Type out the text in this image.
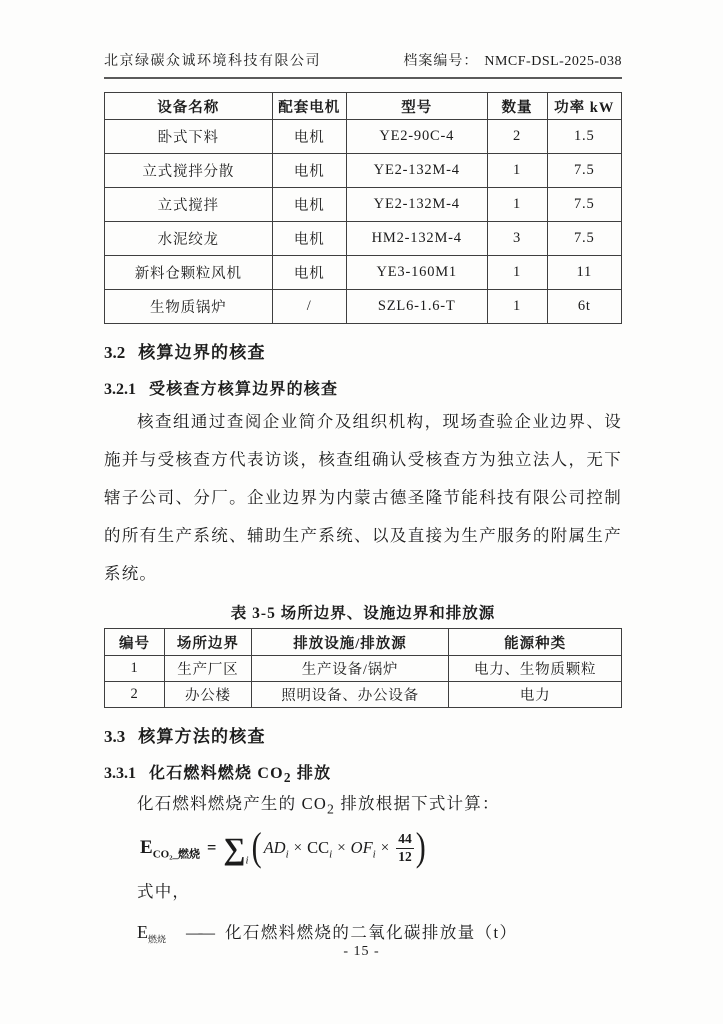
北京绿碳众诚环境科技有限公司	档案编号： NMCF-DSL-2025-038
设备名称	配套电机	型号	数量	功率 kW
卧式下料	电机	YE2-90C-4	2	1.5
立式搅拌分散	电机	YE2-132M-4	1	7.5
立式搅拌	电机	YE2-132M-4	1	7.5
水泥绞龙	电机	HM2-132M-4	3	7.5
新料仓颗粒风机	电机	YE3-160M1	1	11
生物质锅炉	/	SZL6-1.6-T	1	6t
3.2 核算边界的核查
3.2.1 受核查方核算边界的核查

核查组通过查阅企业简介及组织机构，现场查验企业边界、设施并与受核查方代表访谈，核查组确认受核查方为独立法人，无下辖子公司、分厂。企业边界为内蒙古德圣隆节能科技有限公司控制的所有生产系统、辅助生产系统、以及直接为生产服务的附属生产系统。

表 3-5 场所边界、设施边界和排放源
编号	场所边界	排放设施/排放源	能源种类
1	生产厂区	生产设备/锅炉	电力、生物质颗粒
2	办公楼	照明设备、办公设备	电力
3.3 核算方法的核查
3.3.1 化石燃料燃烧 $CO_2$ 排放

化石燃料燃烧产生的 $CO_2$ 排放根据下式计算：

$E_{CO_2\_燃烧} = \sum_i$ ( $AD_i \times CC_i \times OF_i \times \frac{44}{12}$ )

式中，

$E_{燃烧}$ —— 化石燃料燃烧的二氧化碳排放量（t）
- 15 -
